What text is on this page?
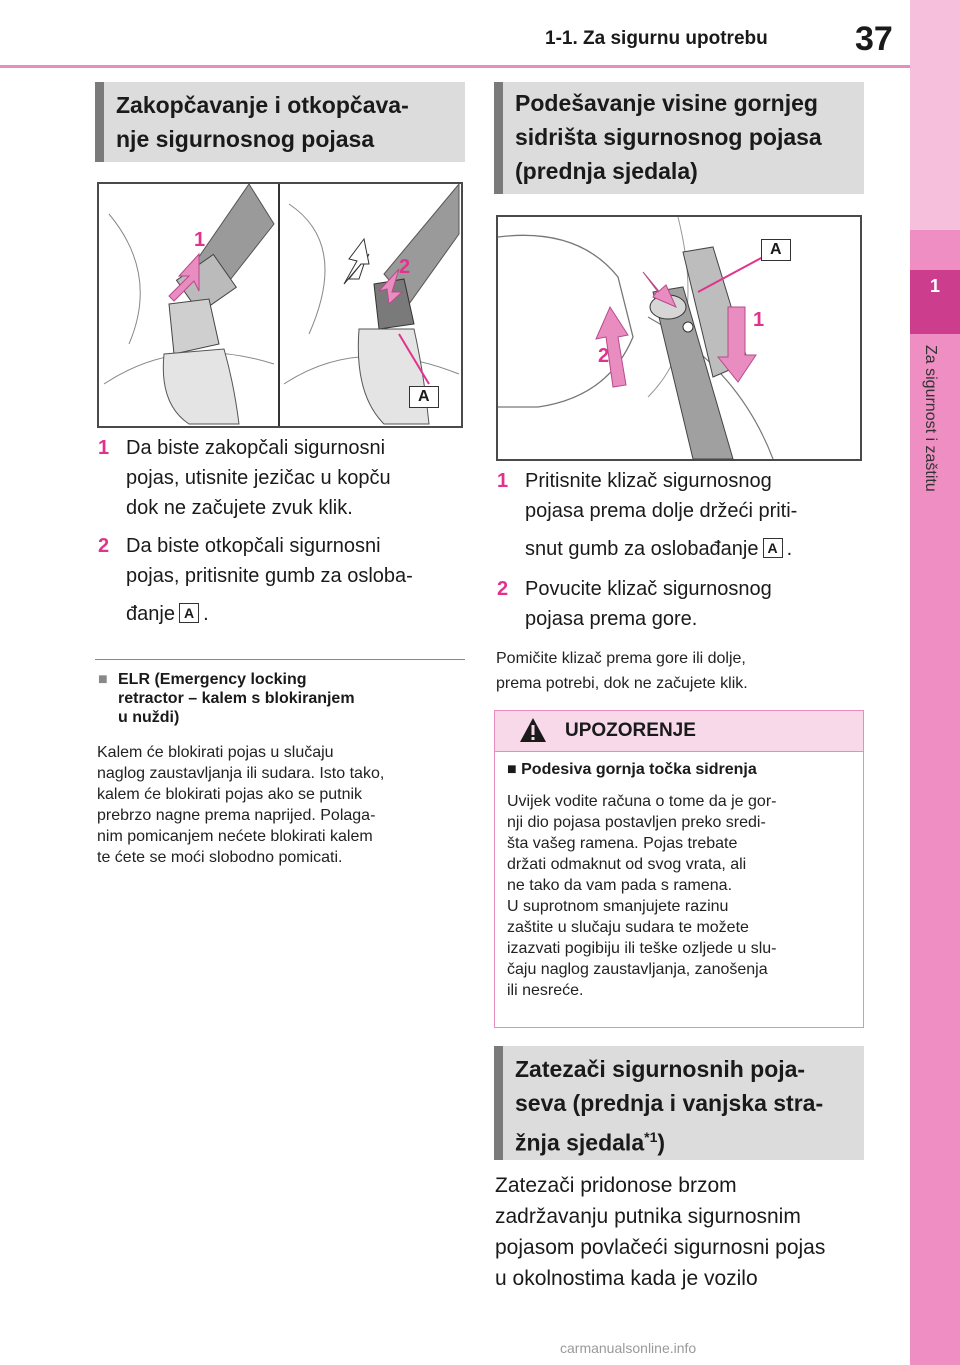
1-1. Za sigurnu upotrebu	37
1
Za sigurnost i zaštitu
Zakopčavanje i otkopčava-
nje sigurnosnog pojasa
1
2
A
1 Da biste zakopčali sigurnosni
pojas, utisnite jezičac u kopču
dok ne začujete zvuk klik.
2 Da biste otkopčali sigurnosni
pojas, pritisnite gumb za osloba-
đanje A .
■ ELR (Emergency locking
retractor – kalem s blokiranjem
u nuždi)
Kalem će blokirati pojas u slučaju
naglog zaustavljanja ili sudara. Isto tako,
kalem će blokirati pojas ako se putnik
prebrzo nagne prema naprijed. Polaga-
nim pomicanjem nećete blokirati kalem
te ćete se moći slobodno pomicati.
Podešavanje visine gornjeg
sidrišta sigurnosnog pojasa
(prednja sjedala)
A
1
2
1 Pritisnite klizač sigurnosnog
pojasa prema dolje držeći priti-
snut gumb za oslobađanje A .
2 Povucite klizač sigurnosnog
pojasa prema gore.
Pomičite klizač prema gore ili dolje,
prema potrebi, dok ne začujete klik.
UPOZORENJE
■ Podesiva gornja točka sidrenja
Uvijek vodite računa o tome da je gor-
nji dio pojasa postavljen preko sredi-
šta vašeg ramena. Pojas trebate
držati odmaknut od svog vrata, ali
ne tako da vam pada s ramena.
U suprotnom smanjujete razinu
zaštite u slučaju sudara te možete
izazvati pogibiju ili teške ozljede u slu-
čaju naglog zaustavljanja, zanošenja
ili nesreće.
Zatezači sigurnosnih poja-
seva (prednja i vanjska stra-
žnja sjedala$^{*1}$)
Zatezači pridonose brzom
zadržavanju putnika sigurnosnim
pojasom povlačeći sigurnosni pojas
u okolnostima kada je vozilo
carmanualsonline.info
